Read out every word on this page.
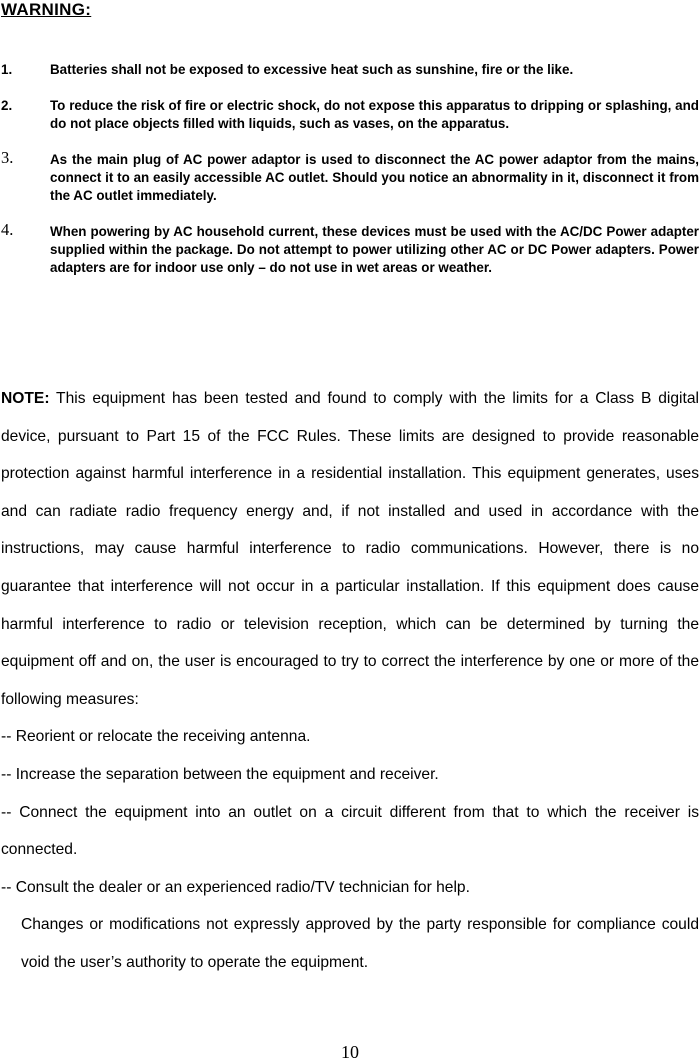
WARNING:
1.	Batteries shall not be exposed to excessive heat such as sunshine, fire or the like.
2.	To reduce the risk of fire or electric shock, do not expose this apparatus to dripping or splashing, and do not place objects filled with liquids, such as vases, on the apparatus.
3.	As the main plug of AC power adaptor is used to disconnect the AC power adaptor from the mains, connect it to an easily accessible AC outlet. Should you notice an abnormality in it, disconnect it from the AC outlet immediately.
4.	When powering by AC household current, these devices must be used with the AC/DC Power adapter supplied within the package. Do not attempt to power utilizing other AC or DC Power adapters. Power adapters are for indoor use only – do not use in wet areas or weather.

NOTE: This equipment has been tested and found to comply with the limits for a Class B digital device, pursuant to Part 15 of the FCC Rules. These limits are designed to provide reasonable protection against harmful interference in a residential installation. This equipment generates, uses and can radiate radio frequency energy and, if not installed and used in accordance with the instructions, may cause harmful interference to radio communications. However, there is no guarantee that interference will not occur in a particular installation. If this equipment does cause harmful interference to radio or television reception, which can be determined by turning the equipment off and on, the user is encouraged to try to correct the interference by one or more of the following measures:

-- Reorient or relocate the receiving antenna.

-- Increase the separation between the equipment and receiver.

-- Connect the equipment into an outlet on a circuit different from that to which the receiver is connected.

-- Consult the dealer or an experienced radio/TV technician for help.

Changes or modifications not expressly approved by the party responsible for compliance could void the user’s authority to operate the equipment.

10
